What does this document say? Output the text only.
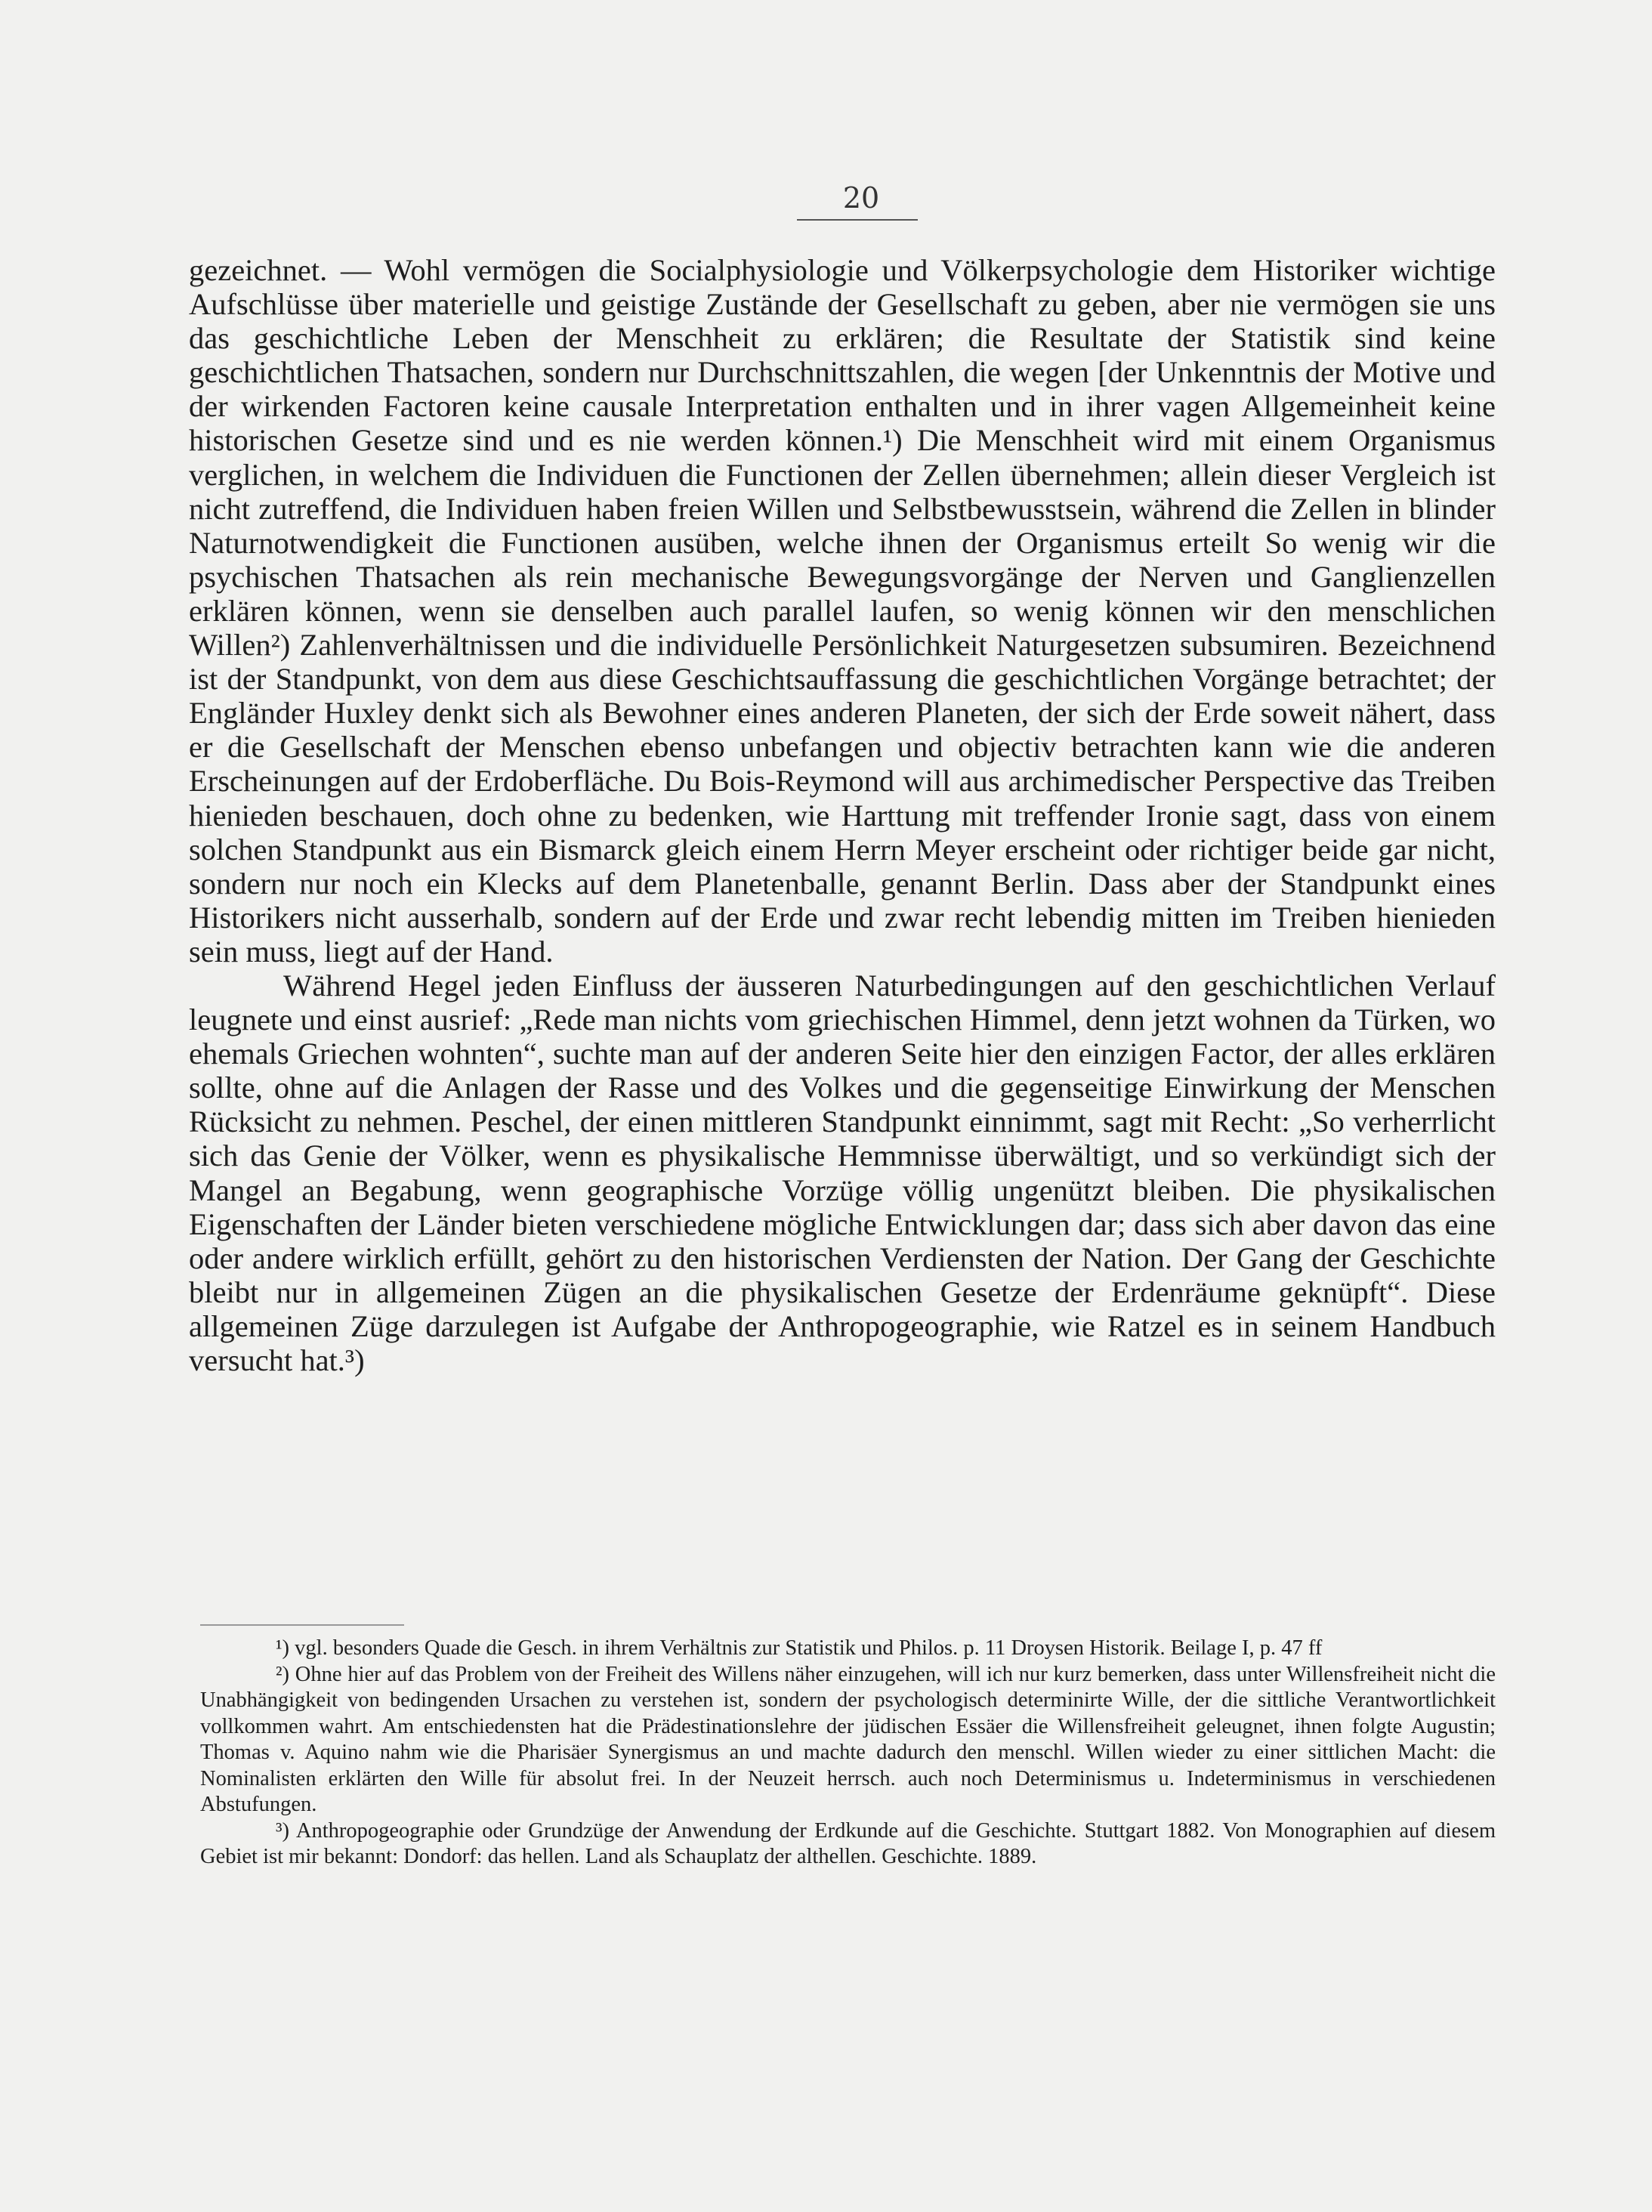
20

gezeichnet. — Wohl vermögen die Socialphysiologie und Völkerpsychologie dem Historiker wichtige Aufschlüsse über materielle und geistige Zustände der Gesellschaft zu geben, aber nie vermögen sie uns das geschichtliche Leben der Menschheit zu erklären; die Resultate der Statistik sind keine geschichtlichen Thatsachen, sondern nur Durchschnittszahlen, die wegen [der Unkenntnis der Motive und der wirkenden Factoren keine causale Interpretation enthalten und in ihrer vagen Allgemeinheit keine historischen Gesetze sind und es nie werden können.¹) Die Menschheit wird mit einem Organismus verglichen, in welchem die Individuen die Functionen der Zellen übernehmen; allein dieser Vergleich ist nicht zutreffend, die Individuen haben freien Willen und Selbstbewusstsein, während die Zellen in blinder Naturnotwendigkeit die Functionen ausüben, welche ihnen der Organismus erteilt So wenig wir die psychischen Thatsachen als rein mechanische Bewegungsvorgänge der Nerven und Ganglienzellen erklären können, wenn sie denselben auch parallel laufen, so wenig können wir den menschlichen Willen²) Zahlenverhältnissen und die individuelle Persönlichkeit Naturgesetzen subsumiren. Bezeichnend ist der Standpunkt, von dem aus diese Geschichtsauffassung die geschichtlichen Vorgänge betrachtet; der Engländer Huxley denkt sich als Bewohner eines anderen Planeten, der sich der Erde soweit nähert, dass er die Gesellschaft der Menschen ebenso unbefangen und objectiv betrachten kann wie die anderen Erscheinungen auf der Erdoberfläche. Du Bois-Reymond will aus archimedischer Perspective das Treiben hienieden beschauen, doch ohne zu bedenken, wie Harttung mit treffender Ironie sagt, dass von einem solchen Standpunkt aus ein Bismarck gleich einem Herrn Meyer erscheint oder richtiger beide gar nicht, sondern nur noch ein Klecks auf dem Planetenballe, genannt Berlin. Dass aber der Standpunkt eines Historikers nicht ausserhalb, sondern auf der Erde und zwar recht lebendig mitten im Treiben hienieden sein muss, liegt auf der Hand.

Während Hegel jeden Einfluss der äusseren Naturbedingungen auf den geschichtlichen Verlauf leugnete und einst ausrief: „Rede man nichts vom griechischen Himmel, denn jetzt wohnen da Türken, wo ehemals Griechen wohnten“, suchte man auf der anderen Seite hier den einzigen Factor, der alles erklären sollte, ohne auf die Anlagen der Rasse und des Volkes und die gegenseitige Einwirkung der Menschen Rücksicht zu nehmen. Peschel, der einen mittleren Standpunkt einnimmt, sagt mit Recht: „So verherrlicht sich das Genie der Völker, wenn es physikalische Hemmnisse überwältigt, und so verkündigt sich der Mangel an Begabung, wenn geographische Vorzüge völlig ungenützt bleiben. Die physikalischen Eigenschaften der Länder bieten verschiedene mögliche Entwicklungen dar; dass sich aber davon das eine oder andere wirklich erfüllt, gehört zu den historischen Verdiensten der Nation. Der Gang der Geschichte bleibt nur in allgemeinen Zügen an die physikalischen Gesetze der Erdenräume geknüpft“. Diese allgemeinen Züge darzulegen ist Aufgabe der Anthropogeographie, wie Ratzel es in seinem Handbuch versucht hat.³)

¹) vgl. besonders Quade die Gesch. in ihrem Verhältnis zur Statistik und Philos. p. 11 Droysen Historik. Beilage I, p. 47 ff

²) Ohne hier auf das Problem von der Freiheit des Willens näher einzugehen, will ich nur kurz bemerken, dass unter Willensfreiheit nicht die Unabhängigkeit von bedingenden Ursachen zu verstehen ist, sondern der psychologisch determinirte Wille, der die sittliche Verantwortlichkeit vollkommen wahrt. Am entschiedensten hat die Prädestinationslehre der jüdischen Essäer die Willensfreiheit geleugnet, ihnen folgte Augustin; Thomas v. Aquino nahm wie die Pharisäer Synergismus an und machte dadurch den menschl. Willen wieder zu einer sittlichen Macht: die Nominalisten erklärten den Wille für absolut frei. In der Neuzeit herrsch. auch noch Determinismus u. Indeterminismus in verschiedenen Abstufungen.

³) Anthropogeographie oder Grundzüge der Anwendung der Erdkunde auf die Geschichte. Stuttgart 1882. Von Monographien auf diesem Gebiet ist mir bekannt: Dondorf: das hellen. Land als Schauplatz der althellen. Geschichte. 1889.
